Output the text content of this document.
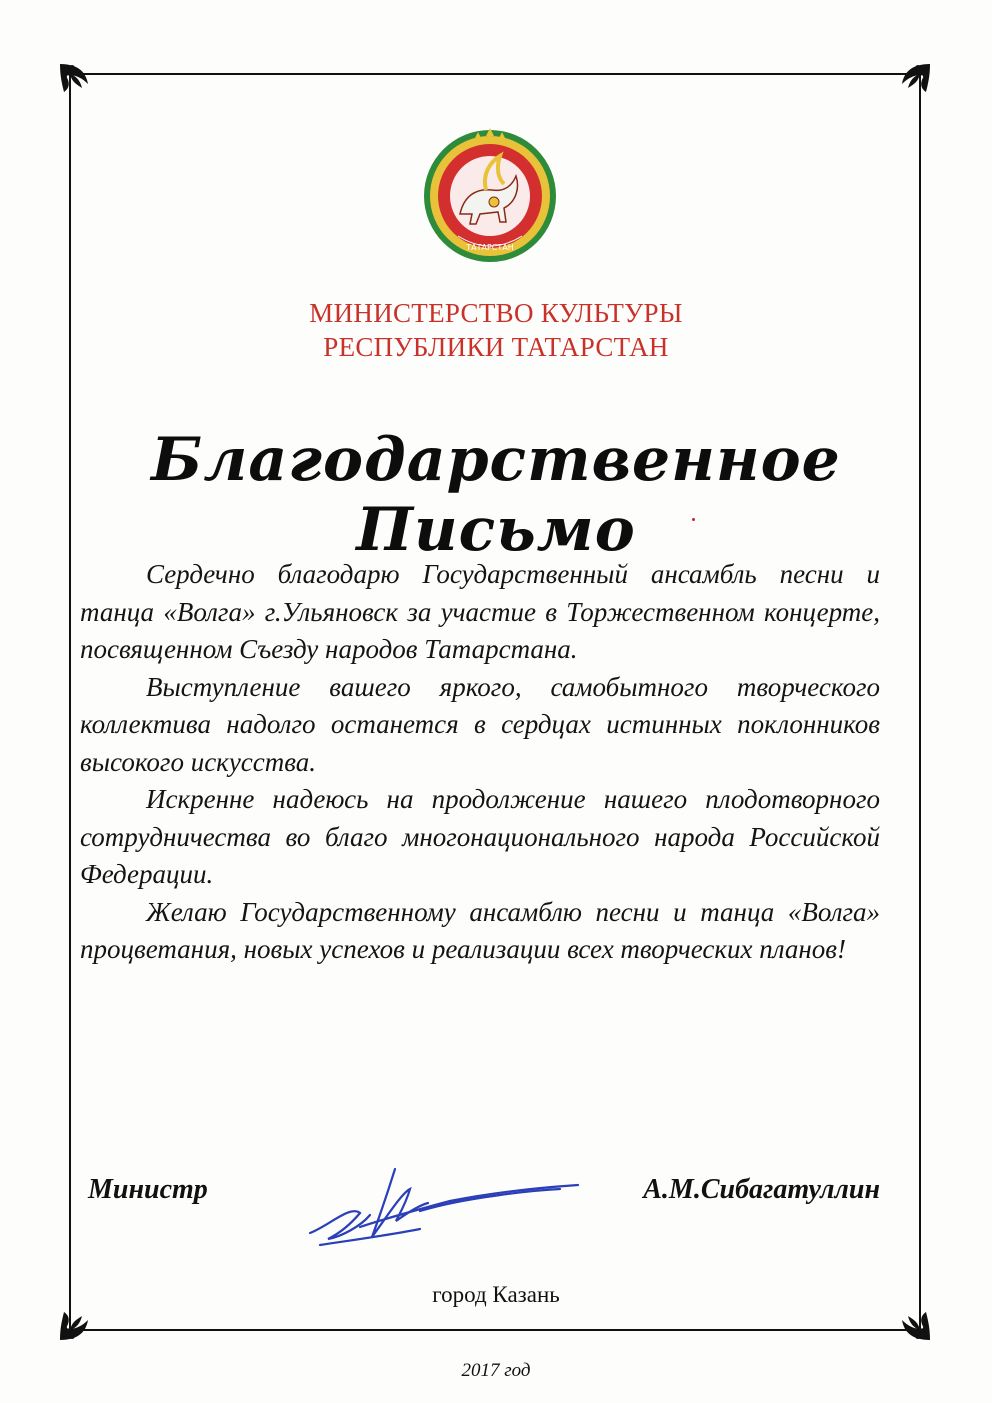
ТАТАРСТАН
МИНИСТЕРСТВО КУЛЬТУРЫ
РЕСПУБЛИКИ ТАТАРСТАН
Благодарственное Письмо

Сердечно благодарю Государственный ансамбль песни и танца «Волга» г.Ульяновск за участие в Торжественном концерте, посвященном Съезду народов Татарстана.

Выступление вашего яркого, самобытного творческого коллектива надолго останется в сердцах истинных поклонников высокого искусства.

Искренне надеюсь на продолжение нашего плодотворного сотрудничества во благо многонационального народа Российской Федерации.

Желаю Государственному ансамблю песни и танца «Волга» процветания, новых успехов и реализации всех творческих планов!

Министр	А.М.Сибагатуллин
город Казань
2017 год
